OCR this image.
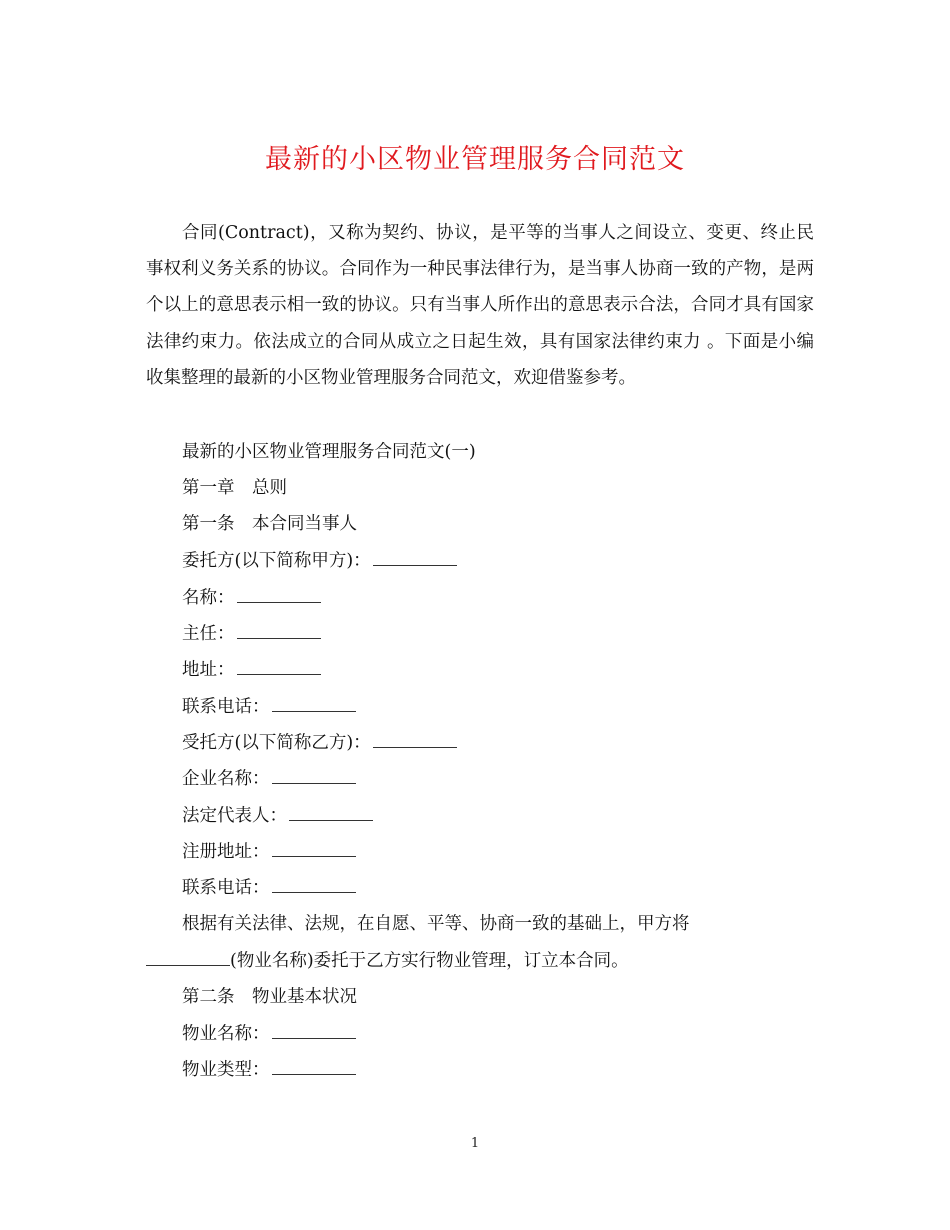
最新的小区物业管理服务合同范文

合同(Contract)，又称为契约、协议，是平等的当事人之间设立、变更、终止民事权利义务关系的协议。合同作为一种民事法律行为，是当事人协商一致的产物，是两个以上的意思表示相一致的协议。只有当事人所作出的意思表示合法，合同才具有国家法律约束力。依法成立的合同从成立之日起生效，具有国家法律约束力 。下面是小编收集整理的最新的小区物业管理服务合同范文，欢迎借鉴参考。

最新的小区物业管理服务合同范文(一)
第一章　总则
第一条　本合同当事人
委托方(以下简称甲方)：
名称：
主任：
地址：
联系电话：
受托方(以下简称乙方)：
企业名称：
法定代表人：
注册地址：
联系电话：
根据有关法律、法规，在自愿、平等、协商一致的基础上，甲方将
(物业名称)委托于乙方实行物业管理，订立本合同。
第二条　物业基本状况
物业名称：
物业类型：
1
